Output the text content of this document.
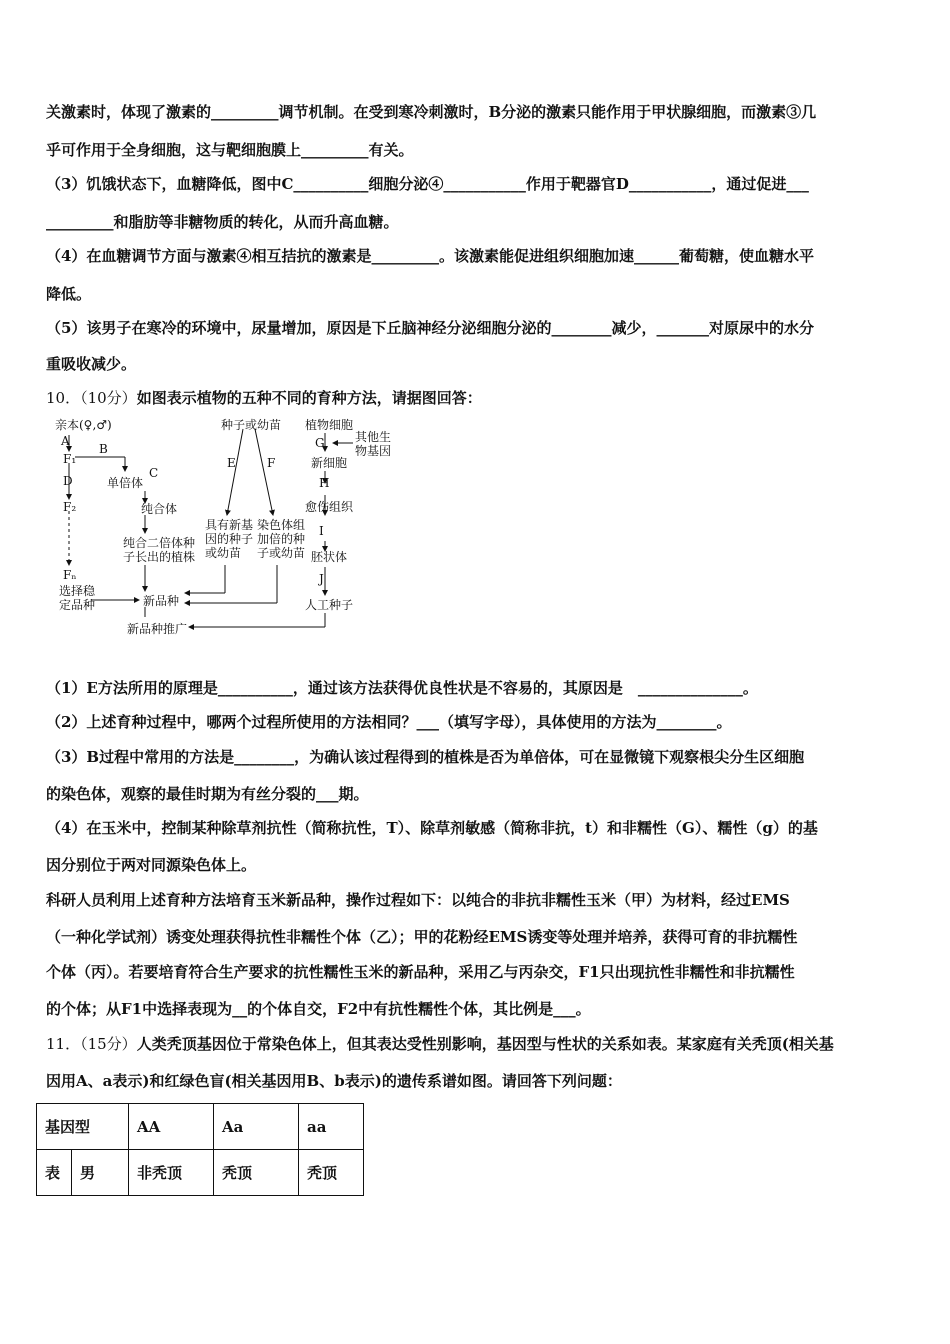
关激素时，体现了激素的_________调节机制。在受到寒冷刺激时，B分泌的激素只能作用于甲状腺细胞，而激素③几
乎可作用于全身细胞，这与靶细胞膜上_________有关。
（3）饥饿状态下，血糖降低，图中C__________细胞分泌④___________作用于靶器官D___________，通过促进___
_________和脂肪等非糖物质的转化，从而升高血糖。
（4）在血糖调节方面与激素④相互拮抗的激素是_________。该激素能促进组织细胞加速______葡萄糖，使血糖水平
降低。
（5）该男子在寒冷的环境中，尿量增加，原因是下丘脑神经分泌细胞分泌的________减少，_______对原尿中的水分
重吸收减少。
10．（10分）如图表示植物的五种不同的育种方法，请据图回答：
亲本(♀,♂)
A
F₁
B
D
F₂
Fₙ
单倍体
C
纯合体
纯合二倍体种
子长出的植株
选择稳
定品种	新品种
新品种推广
种子或幼苗
E	F
具有新基
因的种子
或幼苗
染色体组
加倍的种
子或幼苗
植物细胞
G	其他生
物基因
新细胞
H
愈伤组织
I
胚状体
J
人工种子
（1）E方法所用的原理是__________，通过该方法获得优良性状是不容易的，其原因是　______________。
（2）上述育种过程中，哪两个过程所使用的方法相同？___（填写字母），具体使用的方法为________。
（3）B过程中常用的方法是________，为确认该过程得到的植株是否为单倍体，可在显微镜下观察根尖分生区细胞
的染色体，观察的最佳时期为有丝分裂的___期。
（4）在玉米中，控制某种除草剂抗性（简称抗性，T）、除草剂敏感（简称非抗，t）和非糯性（G）、糯性（g）的基
因分别位于两对同源染色体上。
科研人员利用上述育种方法培育玉米新品种，操作过程如下：以纯合的非抗非糯性玉米（甲）为材料，经过EMS
（一种化学试剂）诱变处理获得抗性非糯性个体（乙）；甲的花粉经EMS诱变等处理并培养，获得可育的非抗糯性
个体（丙）。若要培育符合生产要求的抗性糯性玉米的新品种，采用乙与丙杂交，F1只出现抗性非糯性和非抗糯性
的个体；从F1中选择表现为__的个体自交，F2中有抗性糯性个体，其比例是___。
11．（15分）人类秃顶基因位于常染色体上，但其表达受性别影响，基因型与性状的关系如表。某家庭有关秃顶(相关基
因用A、a表示)和红绿色盲(相关基因用B、b表示)的遗传系谱如图。请回答下列问题：
基因型		AA	Aa	aa
表	男	非秃顶	秃顶	秃顶
